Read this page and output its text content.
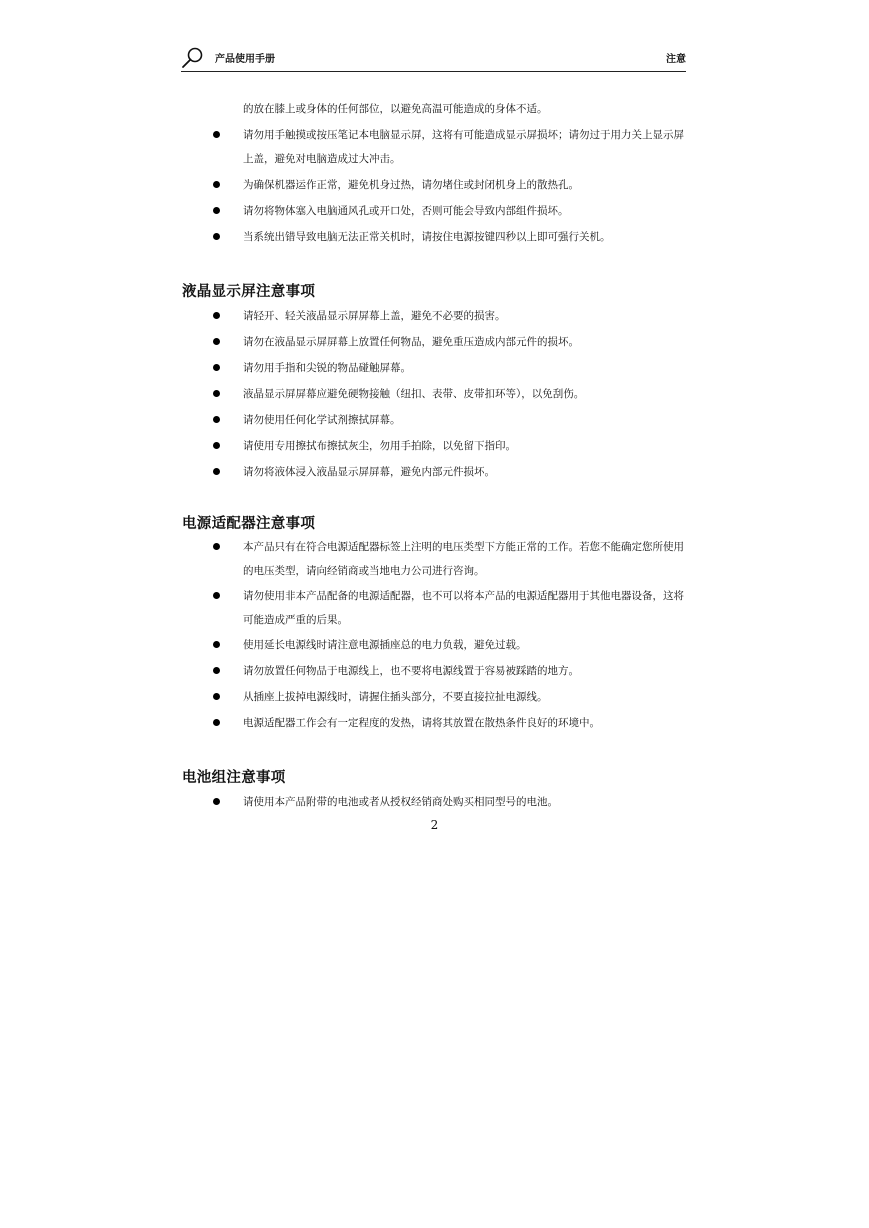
产品使用手册	注意
的放在膝上或身体的任何部位，以避免高温可能造成的身体不适。
请勿用手触摸或按压笔记本电脑显示屏，这将有可能造成显示屏损坏；请勿过于用力关上显示屏上盖，避免对电脑造成过大冲击。
为确保机器运作正常，避免机身过热，请勿堵住或封闭机身上的散热孔。
请勿将物体塞入电脑通风孔或开口处，否则可能会导致内部组件损坏。
当系统出错导致电脑无法正常关机时，请按住电源按键四秒以上即可强行关机。
液晶显示屏注意事项
请轻开、轻关液晶显示屏屏幕上盖，避免不必要的损害。
请勿在液晶显示屏屏幕上放置任何物品，避免重压造成内部元件的损坏。
请勿用手指和尖锐的物品碰触屏幕。
液晶显示屏屏幕应避免硬物接触（纽扣、表带、皮带扣环等），以免刮伤。
请勿使用任何化学试剂擦拭屏幕。
请使用专用擦拭布擦拭灰尘，勿用手拍除，以免留下指印。
请勿将液体浸入液晶显示屏屏幕，避免内部元件损坏。
电源适配器注意事项
本产品只有在符合电源适配器标签上注明的电压类型下方能正常的工作。若您不能确定您所使用的电压类型，请向经销商或当地电力公司进行咨询。
请勿使用非本产品配备的电源适配器，也不可以将本产品的电源适配器用于其他电器设备，这将可能造成严重的后果。
使用延长电源线时请注意电源插座总的电力负载，避免过载。
请勿放置任何物品于电源线上，也不要将电源线置于容易被踩踏的地方。
从插座上拔掉电源线时，请握住插头部分，不要直接拉扯电源线。
电源适配器工作会有一定程度的发热，请将其放置在散热条件良好的环境中。
电池组注意事项
请使用本产品附带的电池或者从授权经销商处购买相同型号的电池。
2
